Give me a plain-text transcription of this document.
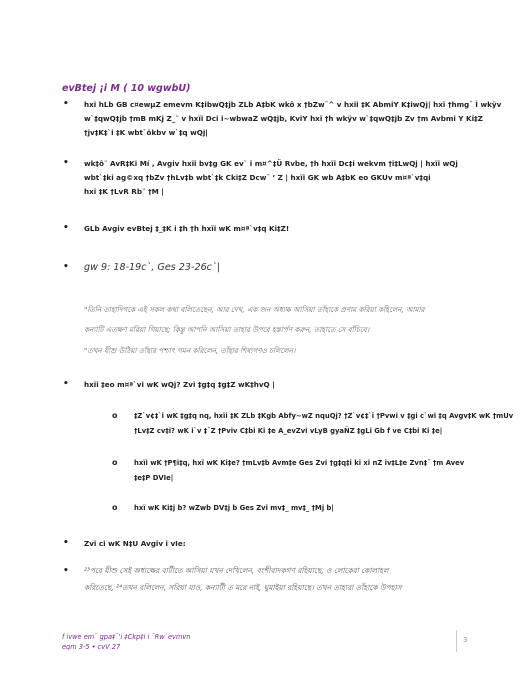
evBtej ¡i M ( 10 wgwbU)
• hxï hLb GB c¤ewµZ emevm K‡ibwQ‡jb ZLb A‡bK wkô x †bZw¯^ v hxïi ‡K AbmiY K‡iwQj| hxï †hmg¯ Í wkÿv
w`‡qwQ‡jb †mB mKj Z_¨ v hxïi Dci i~wbwaZ wQ‡jb, KviY hxï †h wkÿv w`‡qwQ‡jb Zv †m Avbmi Y Ki‡Z
†jv‡K‡`i ‡K wbt`ökbv w`‡q wQj|
• wk‡ô¨ AvR‡Ki Mí , Avgiv hxïi bv‡g GK ev` i m¤^‡Ü Rvbe, †h hxïi Dc‡i wekvm †i‡LwQj | hxïi wQj
wbt`‡ki ag©xq †bZv †hLv‡b wbt`‡k Cki‡Z Dcw¯ ’ Z | hxïi GK wb A‡bK eo GKUv m¤ª`v‡qi
hxï ‡K †LvR Rb¨ †M |
• GLb Avgiv evBtej ‡_‡K i ‡h †h hxïi wK m¤ª`v‡q Ki‡Z!
• gw 9: 18-19c`, Ges 23-26c`|
"তিনি তাহাদিগকে এই সকল কথা বলিতেছেন, আর দেখ, এক জন অধ্যক্ষ আসিয়া তাঁহাকে প্রণাম করিয়া কহিলেন, আমার
কন্যাটি এতক্ষণ মরিয়া গিয়াছে; কিন্তু আপনি আসিয়া তাহার উপরে হস্তার্পণ করুন, তাহাতে সে বাঁচিবে।
"তখন যীশু উঠিয়া তাঁহার পশ্চাৎ গমন করিলেন, তাঁহার শিষ্যগণও চলিলেন।
• hxïi ‡eo m¤ª`vi wK wQj? Zvi ‡g‡q ‡g‡Z wK‡hvQ |
o ‡Z`v¢‡`i wK ‡g‡q nq, hxïi ‡K ZLb ‡Kgb Abfy~wZ nquQj? †Z`v¢‡`i †Pvwi v ‡gi c`wi ‡q Avgv‡K wK †mUv
†Lv‡Z cv‡i? wK i`v ‡¯Z †Pviv C‡bi Ki ‡e A_evZvi vLyB gyaÑZ ‡gLi Gb f ve C‡bi Ki ‡e|
o hxïi wK †P¶i‡q, hxï wK Ki‡e? †mLv‡b Avm‡e Ges Zvi †g‡q‡i ki xi nZ iv‡L‡e Zvn‡¯ †m Avev
‡e‡P DVIe|
o hxï wK Ki‡j b? wZwb DV‡j b Ges Zvi mv‡_ mv‡_ †Mj b|
• Zvi ci wK N‡U Avgiv i vIe:
• ²³পরে যীশু সেই অধ্যক্ষের বাটীতে আসিয়া যখন দেখিলেন, বংশীবাদকগণ রহিয়াছে, ও লোকেরা কোলাহল
করিতেছে, ²⁴তখন বলিলেন, সরিয়া যাও, কন্যাটী ত মরে নাই, ঘুমাইয়া রহিয়াছে। তখন তাহারা তাঁহাকে উপহাস
f ivwe em¨ gpa‡¯'i ‡Ckp‡i i ¯Rw`evmvn
eqm 3-5 • cvV 27
3
